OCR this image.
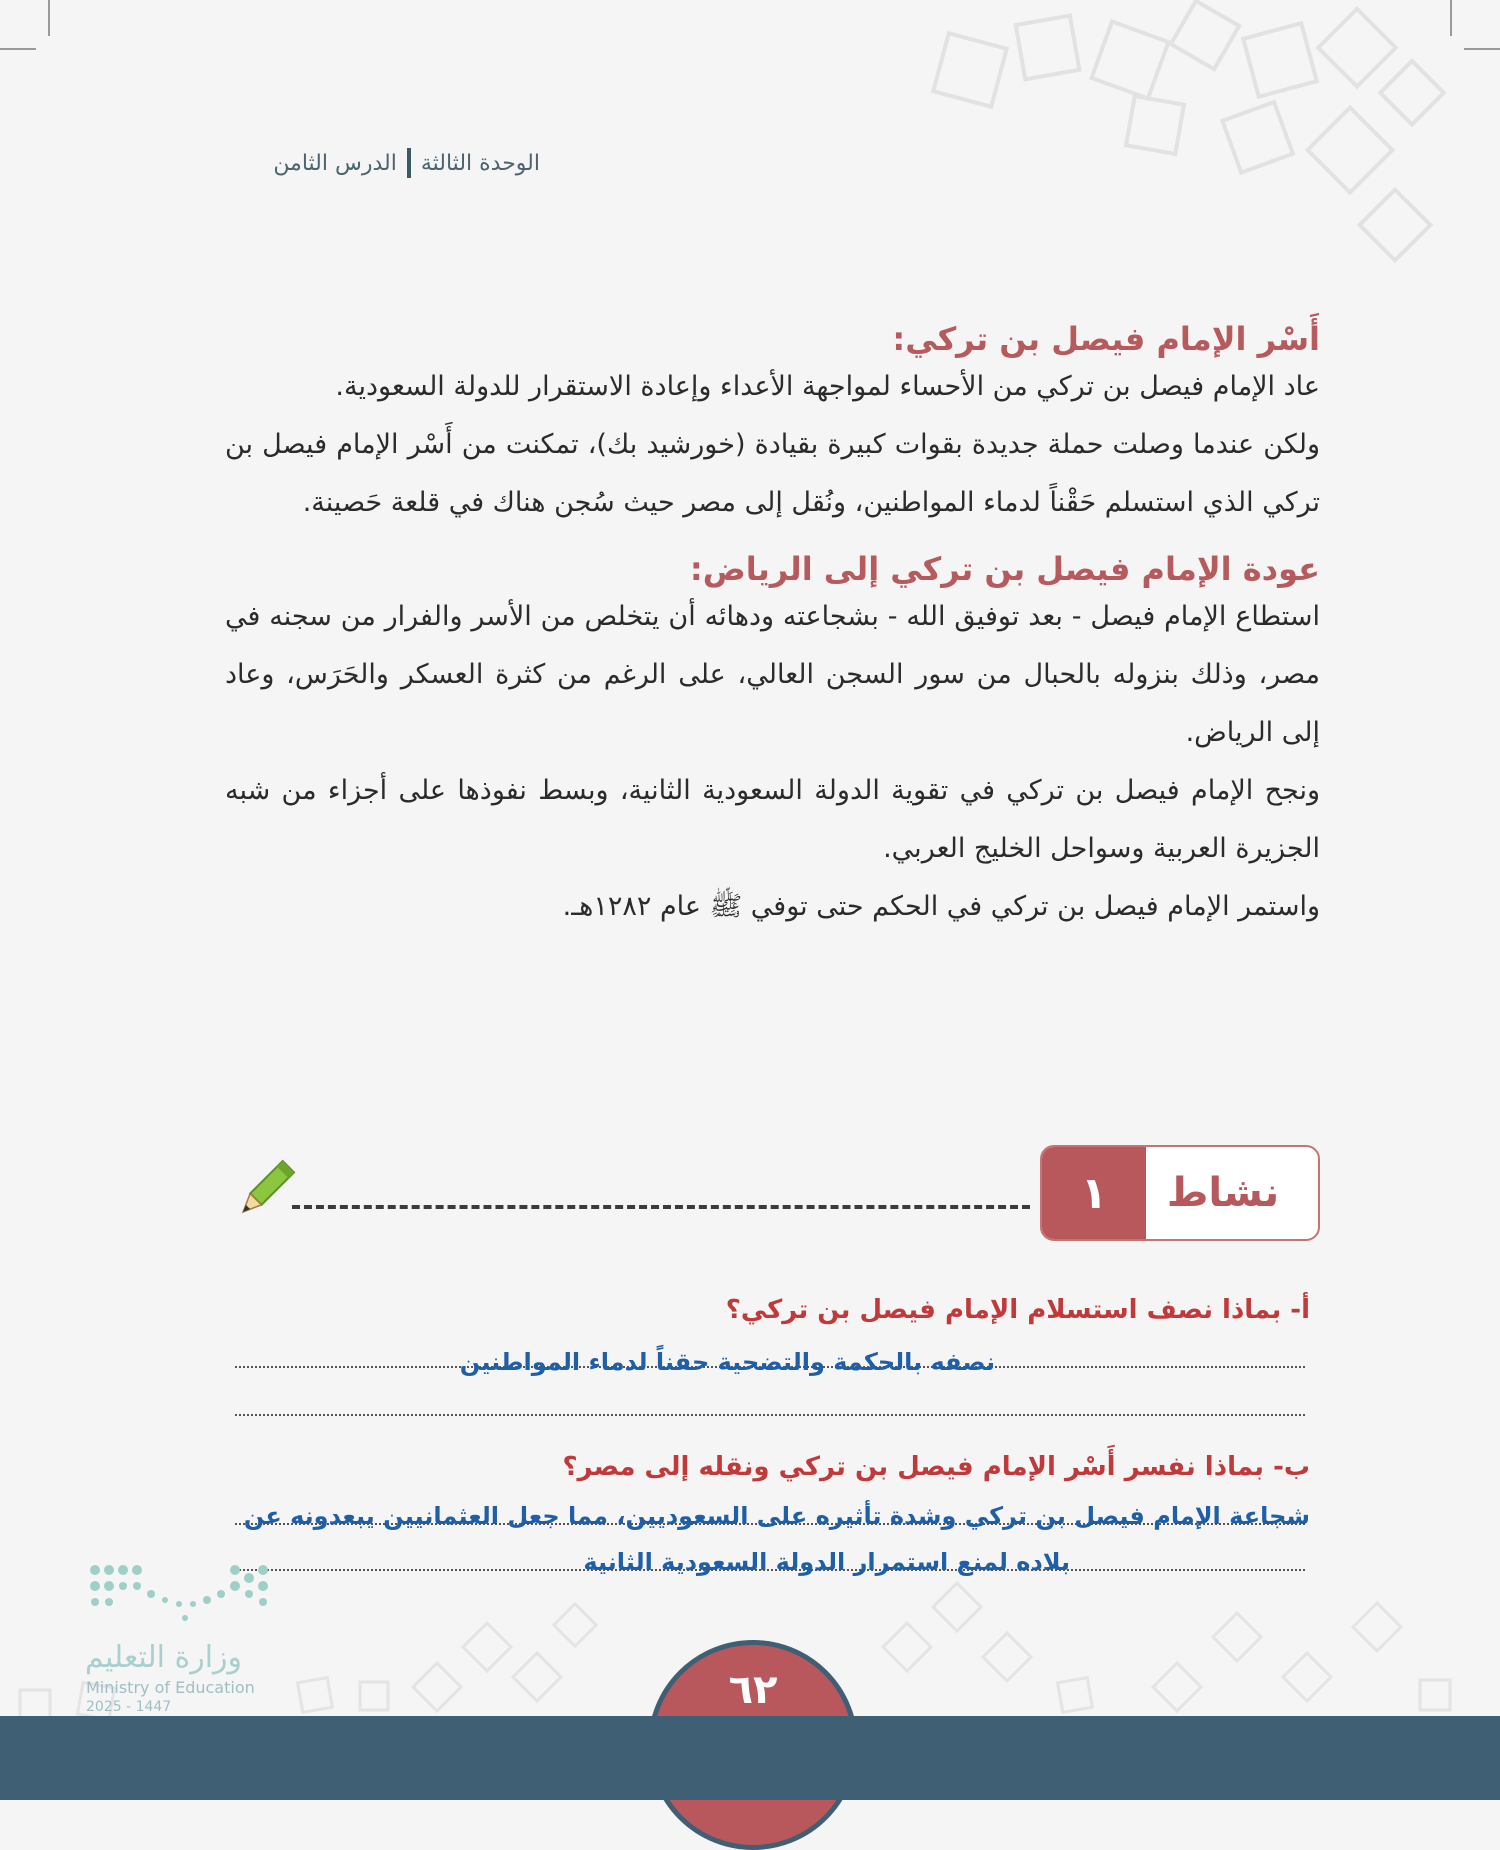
الوحدة الثالثة
الدرس الثامن
أَسْر الإمام فيصل بن تركي:

عاد الإمام فيصل بن تركي من الأحساء لمواجهة الأعداء وإعادة الاستقرار للدولة السعودية.

ولكن عندما وصلت حملة جديدة بقوات كبيرة بقيادة (خورشيد بك)، تمكنت من أَسْر الإمام فيصل بن تركي الذي استسلم حَقْناً لدماء المواطنين، ونُقل إلى مصر حيث سُجن هناك في قلعة حَصينة.

عودة الإمام فيصل بن تركي إلى الرياض:

استطاع الإمام فيصل - بعد توفيق الله - بشجاعته ودهائه أن يتخلص من الأسر والفرار من سجنه في مصر، وذلك بنزوله بالحبال من سور السجن العالي، على الرغم من كثرة العسكر والحَرَس، وعاد إلى الرياض.

ونجح الإمام فيصل بن تركي في تقوية الدولة السعودية الثانية، وبسط نفوذها على أجزاء من شبه الجزيرة العربية وسواحل الخليج العربي.

واستمر الإمام فيصل بن تركي في الحكم حتى توفي ﷺ عام ١٢٨٢هـ.

نشاط
١
أ- بماذا نصف استسلام الإمام فيصل بن تركي؟
نصفه بالحكمة والتضحية حقناً لدماء المواطنين
ب- بماذا نفسر أَسْر الإمام فيصل بن تركي ونقله إلى مصر؟
شجاعة الإمام فيصل بن تركي وشدة تأثيره على السعوديين، مما جعل العثمانيين يبعدونه عن
بلاده لمنع استمرار الدولة السعودية الثانية
وزارة التعليم
Ministry of Education
2025 - 1447	٦٢
